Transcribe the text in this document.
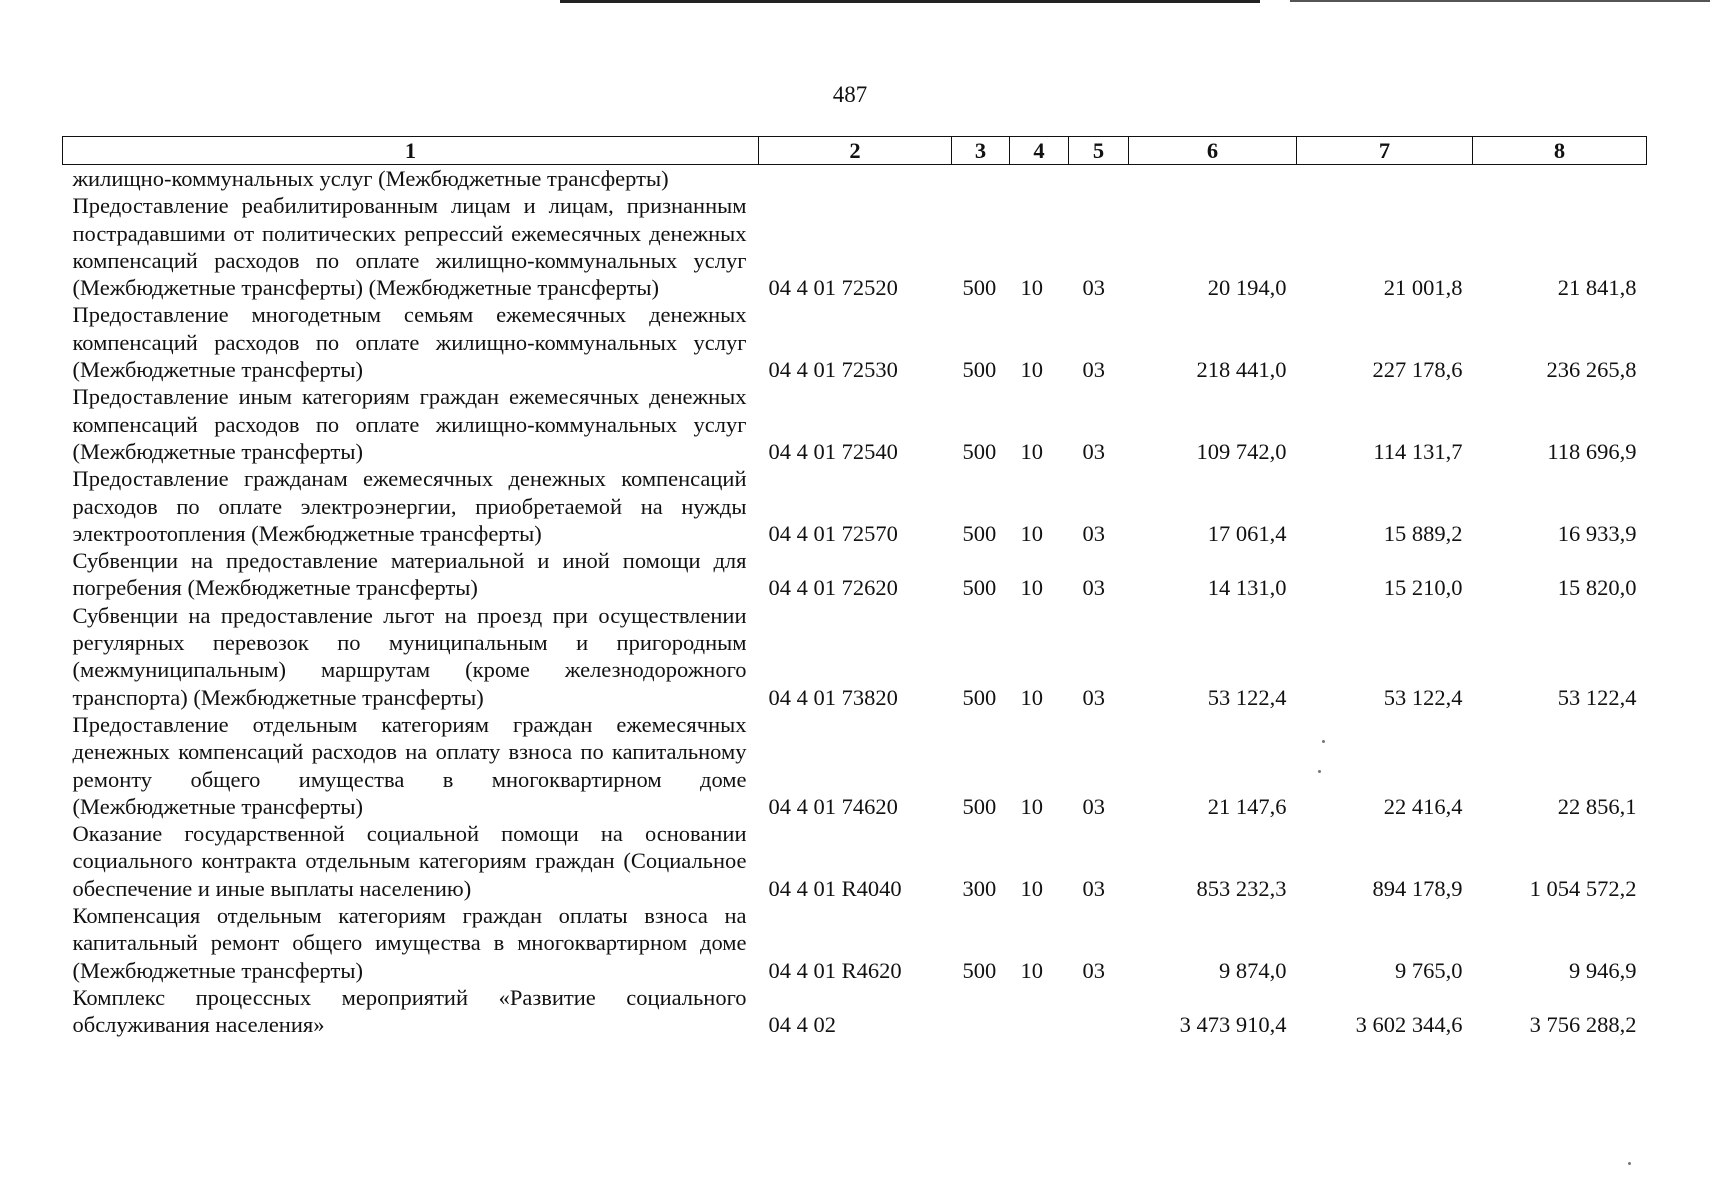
487
1	2	3	4	5	6	7	8
жилищно-коммунальных услуг (Межбюджетные трансферты)							
Предоставление реабилитированным лицам и лицам, признанным пострадавшими от политических репрессий ежемесячных денежных компенсаций расходов по оплате жилищно-коммунальных услуг (Межбюджетные трансферты) (Межбюджетные трансферты)	04 4 01 72520	500	10	03	20 194,0	21 001,8	21 841,8
Предоставление многодетным семьям ежемесячных денежных компенсаций расходов по оплате жилищно-коммунальных услуг (Межбюджетные трансферты)	04 4 01 72530	500	10	03	218 441,0	227 178,6	236 265,8
Предоставление иным категориям граждан ежемесячных денежных компенсаций расходов по оплате жилищно-коммунальных услуг (Межбюджетные трансферты)	04 4 01 72540	500	10	03	109 742,0	114 131,7	118 696,9
Предоставление гражданам ежемесячных денежных компенсаций расходов по оплате электроэнергии, приобретаемой на нужды электроотопления (Межбюджетные трансферты)	04 4 01 72570	500	10	03	17 061,4	15 889,2	16 933,9
Субвенции на предоставление материальной и иной помощи для погребения (Межбюджетные трансферты)	04 4 01 72620	500	10	03	14 131,0	15 210,0	15 820,0
Субвенции на предоставление льгот на проезд при осуществлении регулярных перевозок по муниципальным и пригородным (межмуниципальным) маршрутам (кроме железнодорожного транспорта) (Межбюджетные трансферты)	04 4 01 73820	500	10	03	53 122,4	53 122,4	53 122,4
Предоставление отдельным категориям граждан ежемесячных денежных компенсаций расходов на оплату взноса по капитальному ремонту общего имущества в многоквартирном доме (Межбюджетные трансферты)	04 4 01 74620	500	10	03	21 147,6	22 416,4	22 856,1
Оказание государственной социальной помощи на основании социального контракта отдельным категориям граждан (Социальное обеспечение и иные выплаты населению)	04 4 01 R4040	300	10	03	853 232,3	894 178,9	1 054 572,2
Компенсация отдельным категориям граждан оплаты взноса на капитальный ремонт общего имущества в многоквартирном доме (Межбюджетные трансферты)	04 4 01 R4620	500	10	03	9 874,0	9 765,0	9 946,9
Комплекс процессных мероприятий «Развитие социального обслуживания населения»	04 4 02				3 473 910,4	3 602 344,6	3 756 288,2
